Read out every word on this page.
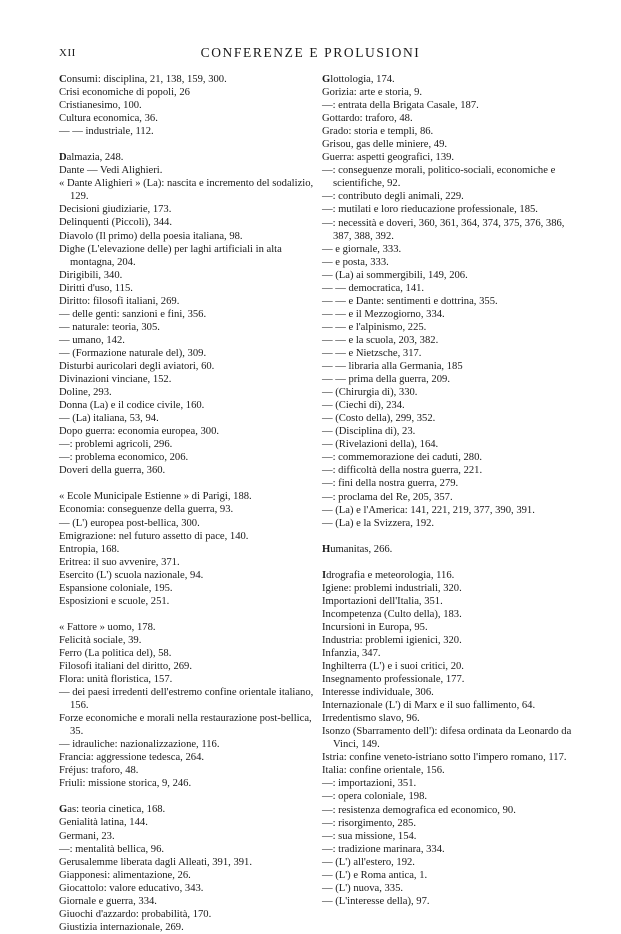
XII	CONFERENZE E PROLUSIONI
Consumi: disciplina, 21, 138, 159, 300.
Crisi economiche di popoli, 26
Cristianesimo, 100.
Cultura economica, 36.
— — industriale, 112.
Dalmazia, 248.
Dante — Vedi Alighieri.
« Dante Alighieri » (La): nascita e incremento del sodalizio, 129.
Decisioni giudiziarie, 173.
Delinquenti (Piccoli), 344.
Diavolo (Il primo) della poesia italiana, 98.
Dighe (L'elevazione delle) per laghi artificiali in alta montagna, 204.
Dirigibili, 340.
Diritti d'uso, 115.
Diritto: filosofi italiani, 269.
— delle genti: sanzioni e fini, 356.
— naturale: teoria, 305.
— umano, 142.
— (Formazione naturale del), 309.
Disturbi auricolari degli aviatori, 60.
Divinazioni vinciane, 152.
Doline, 293.
Donna (La) e il codice civile, 160.
— (La) italiana, 53, 94.
Dopo guerra: economia europea, 300.
—: problemi agricoli, 296.
—: problema economico, 206.
Doveri della guerra, 360.
« Ecole Municipale Estienne » di Parigi, 188.
Economia: conseguenze della guerra, 93.
— (L') europea post-bellica, 300.
Emigrazione: nel futuro assetto di pace, 140.
Entropia, 168.
Eritrea: il suo avvenire, 371.
Esercito (L') scuola nazionale, 94.
Espansione coloniale, 195.
Esposizioni e scuole, 251.
« Fattore » uomo, 178.
Felicità sociale, 39.
Ferro (La politica del), 58.
Filosofi italiani del diritto, 269.
Flora: unità floristica, 157.
— dei paesi irredenti dell'estremo confine orientale italiano, 156.
Forze economiche e morali nella restaurazione post-bellica, 35.
— idrauliche: nazionalizzazione, 116.
Francia: aggressione tedesca, 264.
Fréjus: traforo, 48.
Friuli: missione storica, 9, 246.
Gas: teoria cinetica, 168.
Genialità latina, 144.
Germani, 23.
—: mentalità bellica, 96.
Gerusalemme liberata dagli Alleati, 391, 391.
Giapponesi: alimentazione, 26.
Giocattolo: valore educativo, 343.
Giornale e guerra, 334.
Giuochi d'azzardo: probabilità, 170.
Giustizia internazionale, 269.
Glottologia, 174.
Gorizia: arte e storia, 9.
—: entrata della Brigata Casale, 187.
Gottardo: traforo, 48.
Grado: storia e templi, 86.
Grisou, gas delle miniere, 49.
Guerra: aspetti geografici, 139.
—: conseguenze morali, politico-sociali, economiche e scientifiche, 92.
—: contributo degli animali, 229.
—: mutilati e loro rieducazione professionale, 185.
—: necessità e doveri, 360, 361, 364, 374, 375, 376, 386, 387, 388, 392.
— e giornale, 333.
— e posta, 333.
— (La) ai sommergibili, 149, 206.
— — democratica, 141.
— — e Dante: sentimenti e dottrina, 355.
— — e il Mezzogiorno, 334.
— — e l'alpinismo, 225.
— — e la scuola, 203, 382.
— — e Nietzsche, 317.
— — libraria alla Germania, 185
— — prima della guerra, 209.
— (Chirurgia di), 330.
— (Ciechi di), 234.
— (Costo della), 299, 352.
— (Disciplina di), 23.
— (Rivelazioni della), 164.
—: commemorazione dei caduti, 280.
—: difficoltà della nostra guerra, 221.
—: fini della nostra guerra, 279.
—: proclama del Re, 205, 357.
— (La) e l'America: 141, 221, 219, 377, 390, 391.
— (La) e la Svizzera, 192.
Humanitas, 266.
Idrografia e meteorologia, 116.
Igiene: problemi industriali, 320.
Importazioni dell'Italia, 351.
Incompetenza (Culto della), 183.
Incursioni in Europa, 95.
Industria: problemi igienici, 320.
Infanzia, 347.
Inghilterra (L') e i suoi critici, 20.
Insegnamento professionale, 177.
Interesse individuale, 306.
Internazionale (L') di Marx e il suo fallimento, 64.
Irredentismo slavo, 96.
Isonzo (Sbarramento dell'): difesa ordinata da Leonardo da Vinci, 149.
Istria: confine veneto-istriano sotto l'impero romano, 117.
Italia: confine orientale, 156.
—: importazioni, 351.
—: opera coloniale, 198.
—: resistenza demografica ed economico, 90.
—: risorgimento, 285.
—: sua missione, 154.
—: tradizione marinara, 334.
— (L') all'estero, 192.
— (L') e Roma antica, 1.
— (L') nuova, 335.
— (L'interesse della), 97.
